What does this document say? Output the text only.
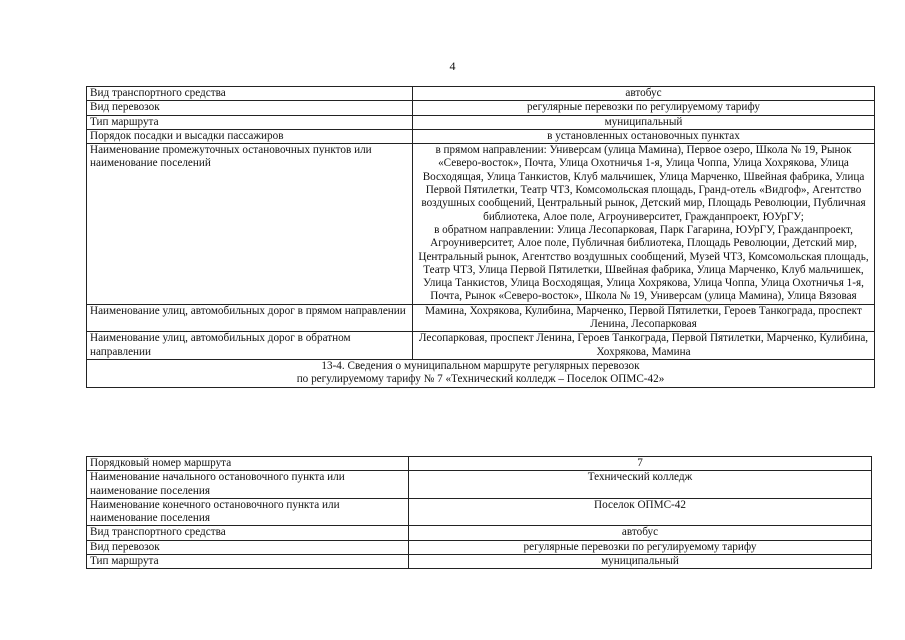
4
Вид транспортного средства	автобус
Вид перевозок	регулярные перевозки по регулируемому тарифу
Тип маршрута	муниципальный
Порядок посадки и высадки пассажиров	в установленных остановочных пунктах
Наименование промежуточных остановочных пунктов или наименование поселений	в прямом направлении: Универсам (улица Мамина), Первое озеро, Школа № 19, Рынок «Северо-восток», Почта, Улица Охотничья 1-я, Улица Чоппа, Улица Хохрякова, Улица Восходящая, Улица Танкистов, Клуб мальчишек, Улица Марченко, Швейная фабрика, Улица Первой Пятилетки, Театр ЧТЗ, Комсомольская площадь, Гранд-отель «Видгоф», Агентство воздушных сообщений, Центральный рынок, Детский мир, Площадь Революции, Публичная библиотека, Алое поле, Агроуниверситет, Гражданпроект, ЮУрГУ;
в обратном направлении: Улица Лесопарковая, Парк Гагарина, ЮУрГУ, Гражданпроект, Агроуниверситет, Алое поле, Публичная библиотека, Площадь Революции, Детский мир, Центральный рынок, Агентство воздушных сообщений, Музей ЧТЗ, Комсомольская площадь, Театр ЧТЗ, Улица Первой Пятилетки, Швейная фабрика, Улица Марченко, Клуб мальчишек, Улица Танкистов, Улица Восходящая, Улица Хохрякова, Улица Чоппа, Улица Охотничья 1-я, Почта, Рынок «Северо-восток», Школа № 19, Универсам (улица Мамина), Улица Вязовая

Наименование улиц, автомобильных дорог в прямом направлении	Мамина, Хохрякова, Кулибина, Марченко, Первой Пятилетки, Героев Танкограда, проспект Ленина, Лесопарковая
Наименование улиц, автомобильных дорог в обратном направлении	Лесопарковая, проспект Ленина, Героев Танкограда, Первой Пятилетки, Марченко, Кулибина, Хохрякова, Мамина

13-4. Сведения о муниципальном маршруте регулярных перевозок
по регулируемому тарифу № 7 «Технический колледж – Поселок ОПМС-42»	
Порядковый номер маршрута	7
Наименование начального остановочного пункта или наименование поселения	Технический колледж
Наименование конечного остановочного пункта или наименование поселения	Поселок ОПМС-42
Вид транспортного средства	автобус
Вид перевозок	регулярные перевозки по регулируемому тарифу
Тип маршрута	муниципальный
